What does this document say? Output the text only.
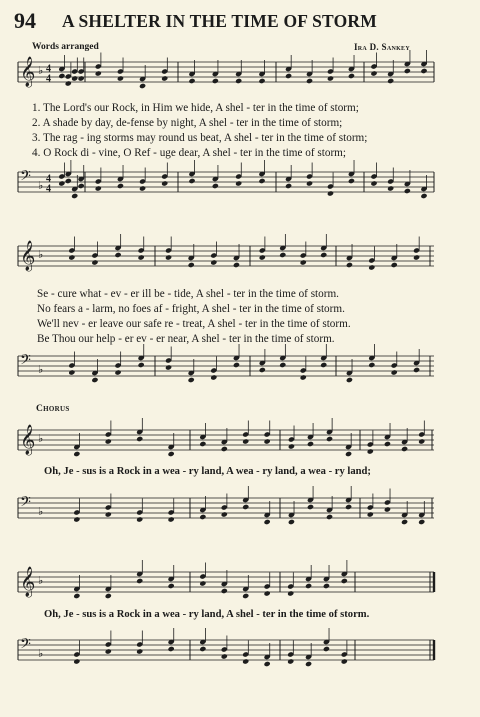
94 A SHELTER IN THE TIME OF STORM
Words arranged	Ira D. Sankey
𝄞 ♭ 4
4
𝄢 ♭ 4
4
𝄞 ♭
𝄢 ♭
𝄞 ♭
𝄢 ♭
𝄞 ♭
𝄢 ♭
1. The Lord's our Rock, in Him we hide, A shel - ter in the time of storm;
2. A shade by day, de-fense by night, A shel - ter in the time of storm;
3. The rag - ing storms may round us beat, A shel - ter in the time of storm;
4. O Rock di - vine, O Ref - uge dear, A shel - ter in the time of storm;
Se - cure what - ev - er ill be - tide, A shel - ter in the time of storm.
No fears a - larm, no foes af - fright, A shel - ter in the time of storm.
We'll nev - er leave our safe re - treat, A shel - ter in the time of storm.
Be Thou our help - er ev - er near, A shel - ter in the time of storm.
Chorus
Oh, Je - sus is a Rock in a wea - ry land, A wea - ry land, a wea - ry land;
Oh, Je - sus is a Rock in a wea - ry land, A shel - ter in the time of storm.
